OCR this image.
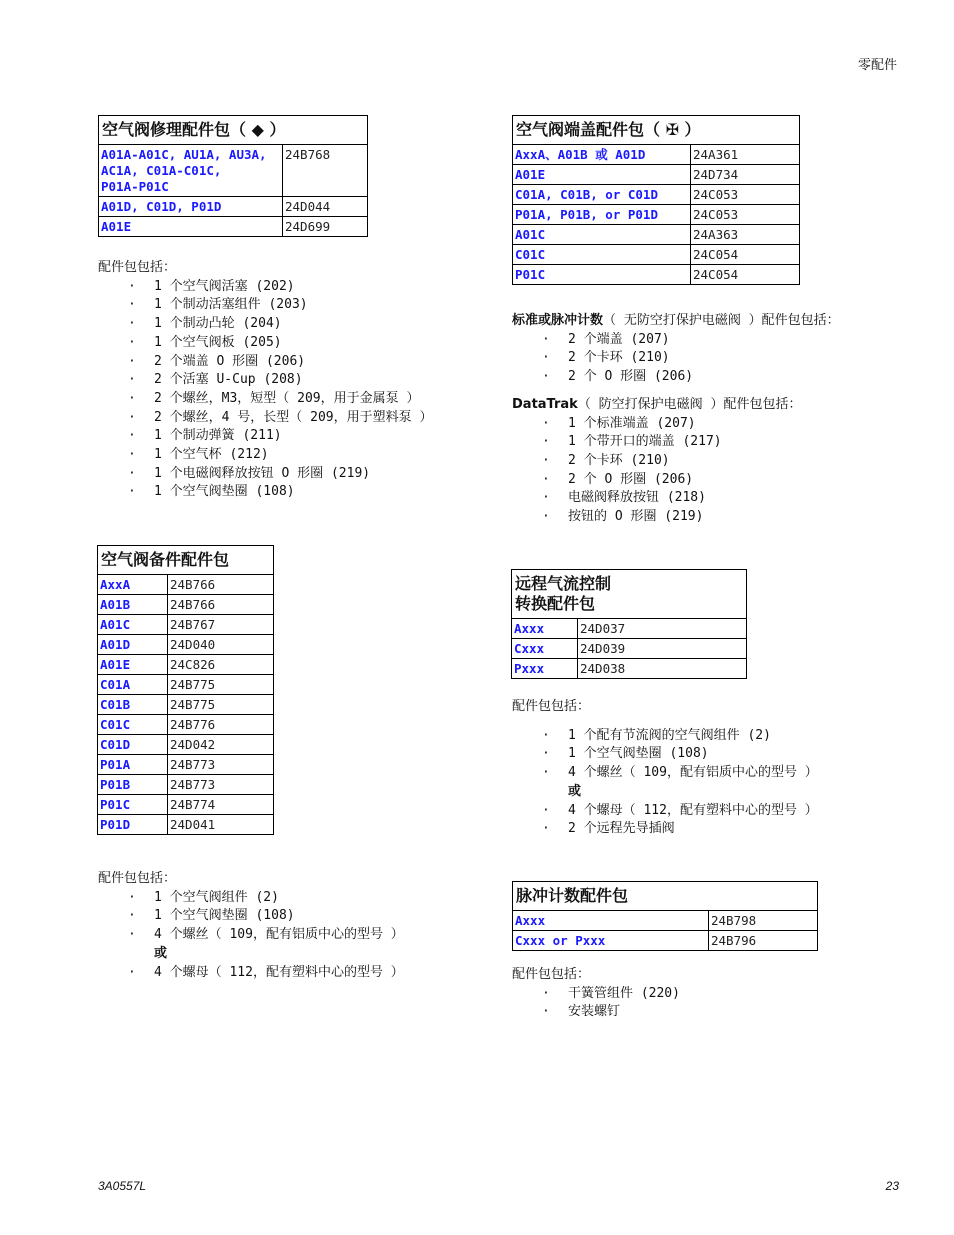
零配件
空气阀修理配件包（ ◆ ）	
A01A-A01C, AU1A, AU3A,
AC1A, C01A-C01C,
P01A-P01C	24B768
A01D, C01D, P01D	24D044
A01E	24D699
配件包包括：
· 1 个空气阀活塞 (202)
· 1 个制动活塞组件 (203)
· 1 个制动凸轮 (204)
· 1 个空气阀板 (205)
· 2 个端盖 O 形圈 (206)
· 2 个活塞 U-Cup (208)
· 2 个螺丝，M3，短型（ 209，用于金属泵 ）
· 2 个螺丝，4 号，长型（ 209，用于塑料泵 ）
· 1 个制动弹簧 (211)
· 1 个空气杯 (212)
· 1 个电磁阀释放按钮 O 形圈 (219)
· 1 个空气阀垫圈 (108)
空气阀备件配件包	
AxxA	24B766
A01B	24B766
A01C	24B767
A01D	24D040
A01E	24C826
C01A	24B775
C01B	24B775
C01C	24B776
C01D	24D042
P01A	24B773
P01B	24B773
P01C	24B774
P01D	24D041
配件包包括：
· 1 个空气阀组件 (2)
· 1 个空气阀垫圈 (108)
· 4 个螺丝（ 109，配有铝质中心的型号 ）
或
· 4 个螺母（ 112，配有塑料中心的型号 ）
空气阀端盖配件包（ ✠ ）	
AxxA、A01B 或 A01D	24A361
A01E	24D734
C01A, C01B, or C01D	24C053
P01A, P01B, or P01D	24C053
A01C	24A363
C01C	24C054
P01C	24C054
标准或脉冲计数（ 无防空打保护电磁阀 ）配件包包括：
· 2 个端盖 (207)
· 2 个卡环 (210)
· 2 个 O 形圈 (206)
DataTrak（ 防空打保护电磁阀 ）配件包包括：
· 1 个标准端盖 (207)
· 1 个带开口的端盖 (217)
· 2 个卡环 (210)
· 2 个 O 形圈 (206)
· 电磁阀释放按钮 (218)
· 按钮的 O 形圈 (219)
远程气流控制
转换配件包	

Axxx	24D037
Cxxx	24D039
Pxxx	24D038
配件包包括：
· 1 个配有节流阀的空气阀组件 (2)
· 1 个空气阀垫圈 (108)
· 4 个螺丝（ 109，配有铝质中心的型号 ）
或
· 4 个螺母（ 112，配有塑料中心的型号 ）
· 2 个远程先导插阀
脉冲计数配件包	
Axxx	24B798
Cxxx or Pxxx	24B796
配件包包括：
· 干簧管组件 (220)
· 安装螺钉
3A0557L	23
